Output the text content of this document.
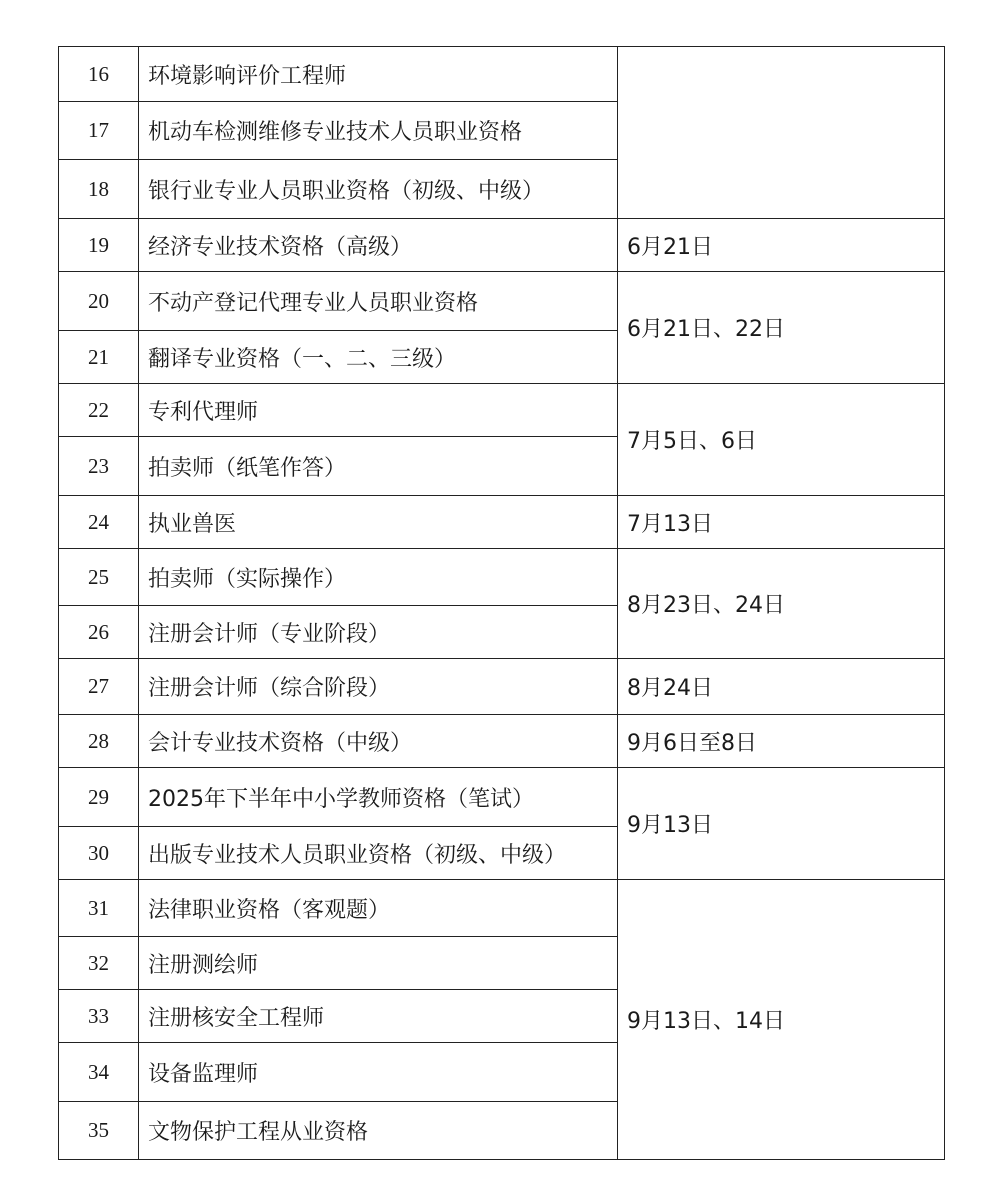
16	环境影响评价工程师	
17	机动车检测维修专业技术人员职业资格	
18	银行业专业人员职业资格（初级、中级）	
19	经济专业技术资格（高级）	6月21日
20	不动产登记代理专业人员职业资格	6月21日、22日
21	翻译专业资格（一、二、三级）	
22	专利代理师	7月5日、6日
23	拍卖师（纸笔作答）	
24	执业兽医	7月13日
25	拍卖师（实际操作）	8月23日、24日
26	注册会计师（专业阶段）	
27	注册会计师（综合阶段）	8月24日
28	会计专业技术资格（中级）	9月6日至8日
29	2025年下半年中小学教师资格（笔试）	9月13日
30	出版专业技术人员职业资格（初级、中级）	
31	法律职业资格（客观题）	9月13日、14日
32	注册测绘师	
33	注册核安全工程师	
34	设备监理师	
35	文物保护工程从业资格	
